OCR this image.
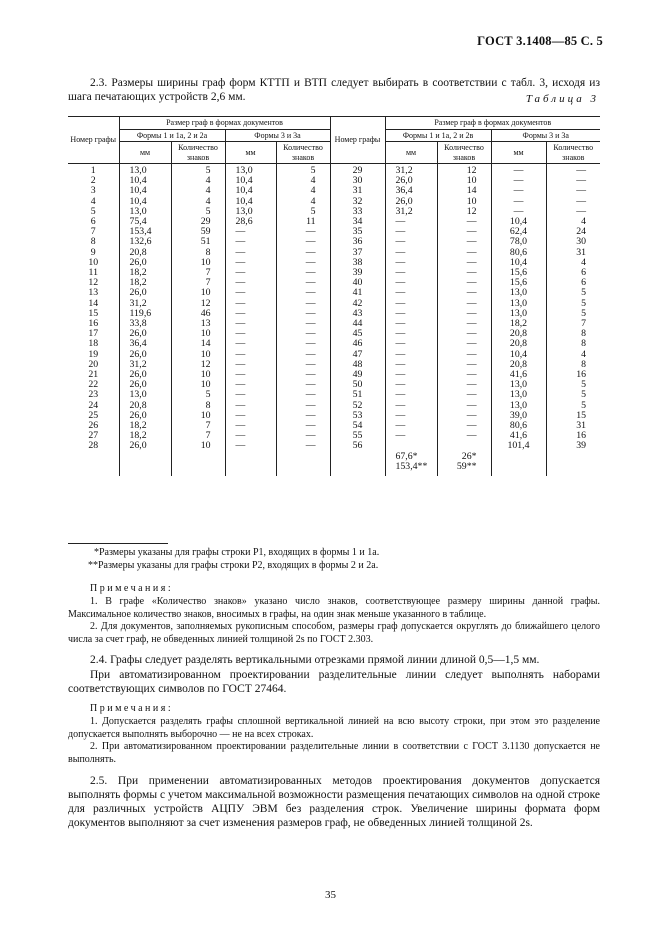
ГОСТ 3.1408—85 С. 5
2.3. Размеры ширины граф форм КТТП и ВТП следует выбирать в соответствии с табл. 3, исходя из шага печатающих устройств 2,6 мм.	Таблица 3
Номер графы	Размер граф в формах документов				Номер графы	Размер граф в формах документов			
	Формы 1 и 1а, 2 и 2а		Формы 3 и 3а			Формы 1 и 1а, 2 и 2в		Формы 3 и 3а	
	мм	Количество знаков	мм	Количество знаков		мм	Количество знаков	мм	Количество знаков
1	13,0	5	13,0	5	29	31,2	12	—	—
2	10,4	4	10,4	4	30	26,0	10	—	—
3	10,4	4	10,4	4	31	36,4	14	—	—
4	10,4	4	10,4	4	32	26,0	10	—	—
5	13,0	5	13,0	5	33	31,2	12	—	—
6	75,4	29	28,6	11	34	—	—	10,4	4
7	153,4	59	—	—	35	—	—	62,4	24
8	132,6	51	—	—	36	—	—	78,0	30
9	20,8	8	—	—	37	—	—	80,6	31
10	26,0	10	—	—	38	—	—	10,4	4
11	18,2	7	—	—	39	—	—	15,6	6
12	18,2	7	—	—	40	—	—	15,6	6
13	26,0	10	—	—	41	—	—	13,0	5
14	31,2	12	—	—	42	—	—	13,0	5
15	119,6	46	—	—	43	—	—	13,0	5
16	33,8	13	—	—	44	—	—	18,2	7
17	26,0	10	—	—	45	—	—	20,8	8
18	36,4	14	—	—	46	—	—	20,8	8
19	26,0	10	—	—	47	—	—	10,4	4
20	31,2	12	—	—	48	—	—	20,8	8
21	26,0	10	—	—	49	—	—	41,6	16
22	26,0	10	—	—	50	—	—	13,0	5
23	13,0	5	—	—	51	—	—	13,0	5
24	20,8	8	—	—	52	—	—	13,0	5
25	26,0	10	—	—	53	—	—	39,0	15
26	18,2	7	—	—	54	—	—	80,6	31
27	18,2	7	—	—	55	—	—	41,6	16
28	26,0	10	—	—	56			101,4	39
						67,6*	26*		
						153,4**	59**		
*Размеры указаны для графы строки Р1, входящих в формы 1 и 1а.
**Размеры указаны для графы строки Р2, входящих в формы 2 и 2а.
Примечания:
1. В графе «Количество знаков» указано число знаков, соответствующее размеру ширины данной графы. Максимальное количество знаков, вносимых в графы, на один знак меньше указанного в таблице.
2. Для документов, заполняемых рукописным способом, размеры граф допускается округлять до ближайшего целого числа за счет граф, не обведенных линией толщиной 2s по ГОСТ 2.303.
2.4. Графы следует разделять вертикальными отрезками прямой линии длиной 0,5—1,5 мм.
При автоматизированном проектировании разделительные линии следует выполнять наборами соответствующих символов по ГОСТ 27464.
Примечания:
1. Допускается разделять графы сплошной вертикальной линией на всю высоту строки, при этом это разделение допускается выполнять выборочно — не на всех строках.
2. При автоматизированном проектировании разделительные линии в соответствии с ГОСТ 3.1130 допускается не выполнять.
2.5. При применении автоматизированных методов проектирования документов допускается выполнять формы с учетом максимальной возможности размещения печатающих символов на одной строке для различных устройств АЦПУ ЭВМ без разделения строк. Увеличение ширины формата форм документов выполняют за счет изменения размеров граф, не обведенных линией толщиной 2s.
35
